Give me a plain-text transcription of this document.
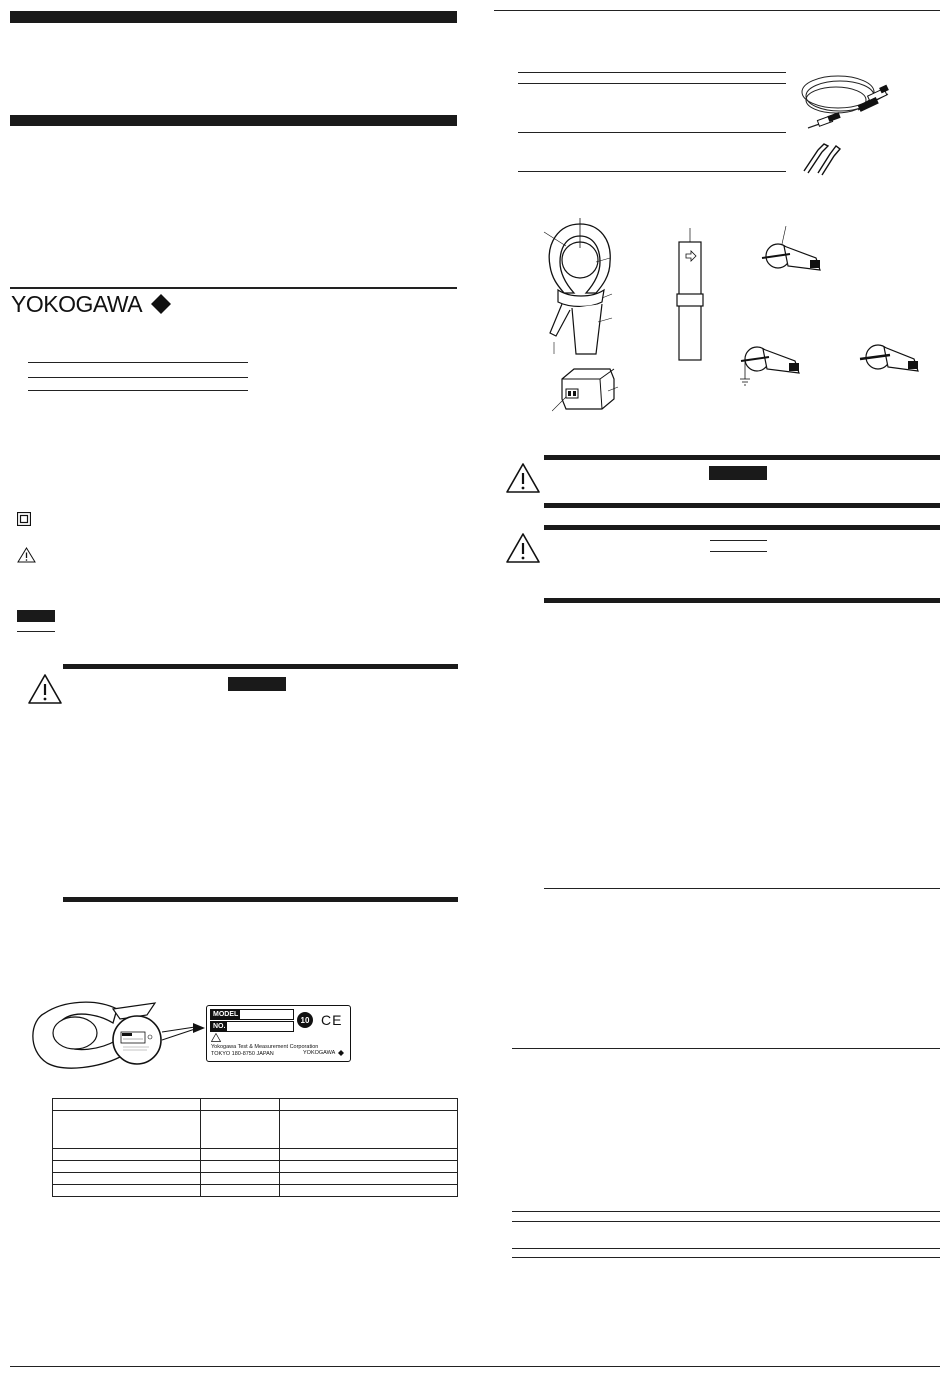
YOKOGAWA
MODEL
NO.
10 CE
Yokogawa Test & Measurement Corporation
TOKYO 180-8750 JAPAN	YOKOGAWA
